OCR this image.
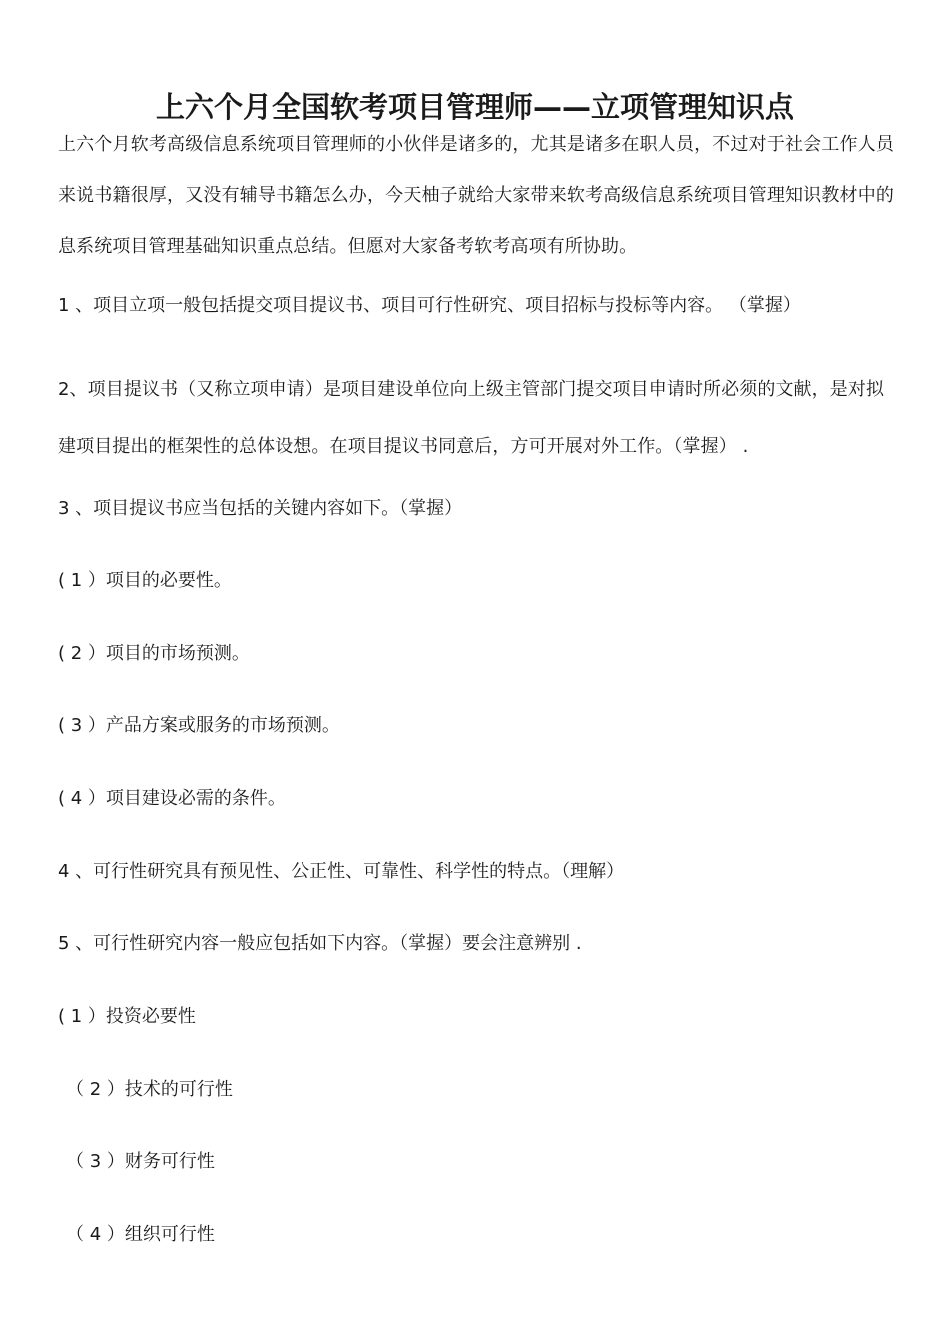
上六个月全国软考项目管理师——立项管理知识点

上六个月软考高级信息系统项目管理师的小伙伴是诸多的，尤其是诸多在职人员，不过对于社会工作人员来说书籍很厚，又没有辅导书籍怎么办，今天柚子就给大家带来软考高级信息系统项目管理知识教材中的息系统项目管理基础知识重点总结。但愿对大家备考软考高项有所协助。

1 、项目立项一般包括提交项目提议书、项目可行性研究、项目招标与投标等内容。 （掌握）

2、项目提议书（又称立项申请）是项目建设单位向上级主管部门提交项目申请时所必须的文献，是对拟建项目提出的框架性的总体设想。在项目提议书同意后，方可开展对外工作。（掌握） .

3 、项目提议书应当包括的关键内容如下。（掌握）

( 1 ）项目的必要性。

( 2 ）项目的市场预测。

( 3 ）产品方案或服务的市场预测。

( 4 ）项目建设必需的条件。

4 、可行性研究具有预见性、公正性、可靠性、科学性的特点。（理解）

5 、可行性研究内容一般应包括如下内容。（掌握）要会注意辨别 .

( 1 ）投资必要性

（ 2 ）技术的可行性

（ 3 ）财务可行性

（ 4 ）组织可行性
